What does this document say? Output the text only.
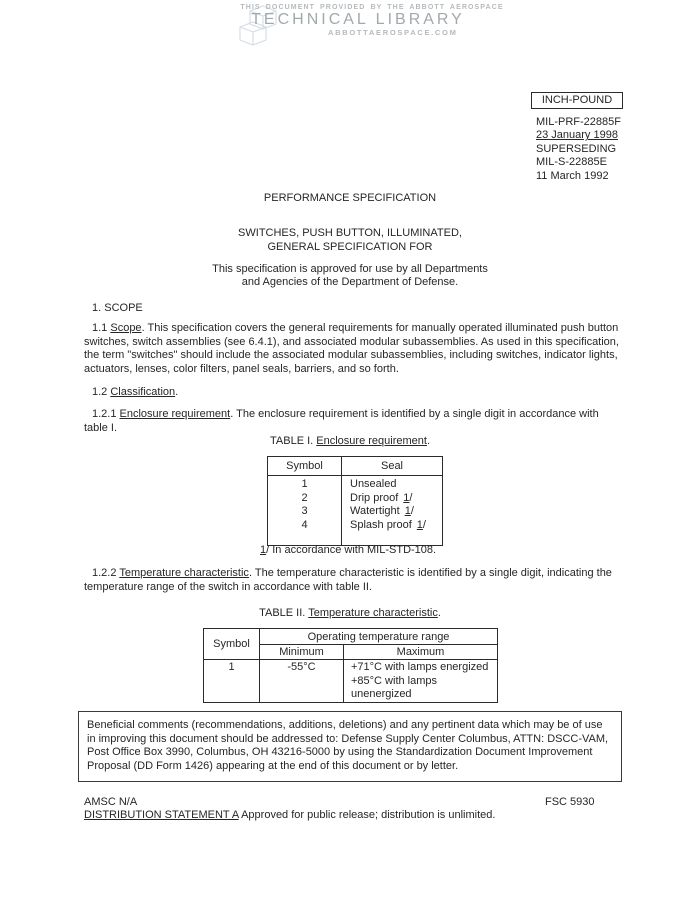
THIS DOCUMENT PROVIDED BY THE ABBOTT AEROSPACE
TECHNICAL LIBRARY
ABBOTTAEROSPACE.COM
INCH-POUND
MIL-PRF-22885F
23 January 1998
SUPERSEDING
MIL-S-22885E
11 March 1992
PERFORMANCE SPECIFICATION
SWITCHES, PUSH BUTTON, ILLUMINATED,
GENERAL SPECIFICATION FOR
This specification is approved for use by all Departments
and Agencies of the Department of Defense.
1. SCOPE
1.1 Scope. This specification covers the general requirements for manually operated illuminated push button switches, switch assemblies (see 6.4.1), and associated modular subassemblies. As used in this specification, the term "switches" should include the associated modular subassemblies, including switches, indicator lights, actuators, lenses, color filters, panel seals, barriers, and so forth.
1.2 Classification.
1.2.1 Enclosure requirement. The enclosure requirement is identified by a single digit in accordance with table I.
TABLE I. Enclosure requirement.
Symbol	Seal
1	Unsealed
2	Drip proof 1/
3	Watertight 1/
4	Splash proof 1/

1/ In accordance with MIL-STD-108.
1.2.2 Temperature characteristic. The temperature characteristic is identified by a single digit, indicating the temperature range of the switch in accordance with table II.
TABLE II. Temperature characteristic.
Symbol	Operating temperature range	
	Minimum	Maximum
1	-55°C	+71°C with lamps energized
+85°C with lamps unenergized
Beneficial comments (recommendations, additions, deletions) and any pertinent data which may be of use in improving this document should be addressed to: Defense Supply Center Columbus, ATTN: DSCC-VAM, Post Office Box 3990, Columbus, OH 43216-5000 by using the Standardization Document Improvement Proposal (DD Form 1426) appearing at the end of this document or by letter.
AMSC N/A	FSC 5930
DISTRIBUTION STATEMENT A Approved for public release; distribution is unlimited.
